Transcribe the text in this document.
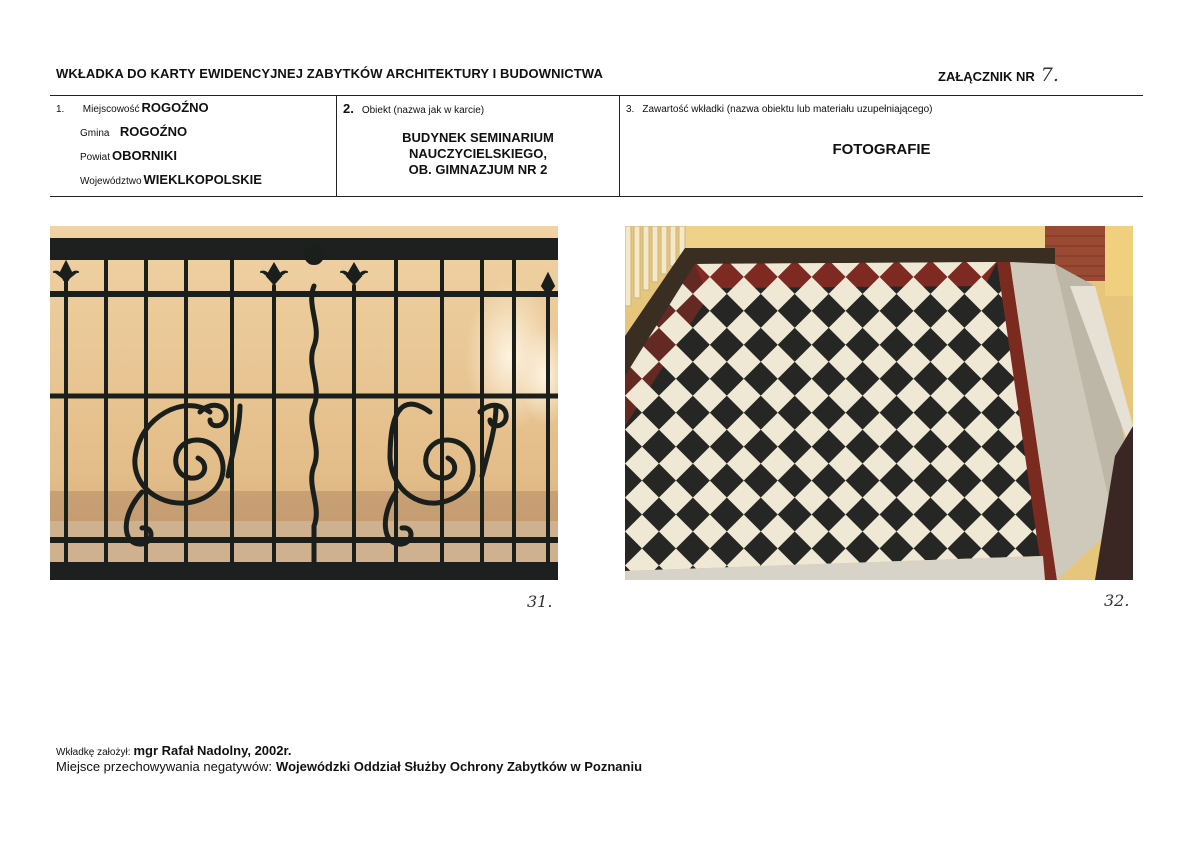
WKŁADKA DO KARTY EWIDENCYJNEJ ZABYTKÓW ARCHITEKTURY I BUDOWNICTWA	ZAŁĄCZNIK NR 7.
1. Miejscowość ROGOŹNO
Gmina ROGOŹNO
Powiat OBORNIKI
Województwo WIEKLKOPOLSKIE
2. Obiekt (nazwa jak w karcie)
BUDYNEK SEMINARIUM
NAUCZYCIELSKIEGO,
OB. GIMNAZJUM NR 2
3. Zawartość wkładki (nazwa obiektu lub materiału uzupełniającego)
FOTOGRAFIE
31.	32.
Wkładkę założył: mgr Rafał Nadolny, 2002r.
Miejsce przechowywania negatywów: Wojewódzki Oddział Służby Ochrony Zabytków w Poznaniu
